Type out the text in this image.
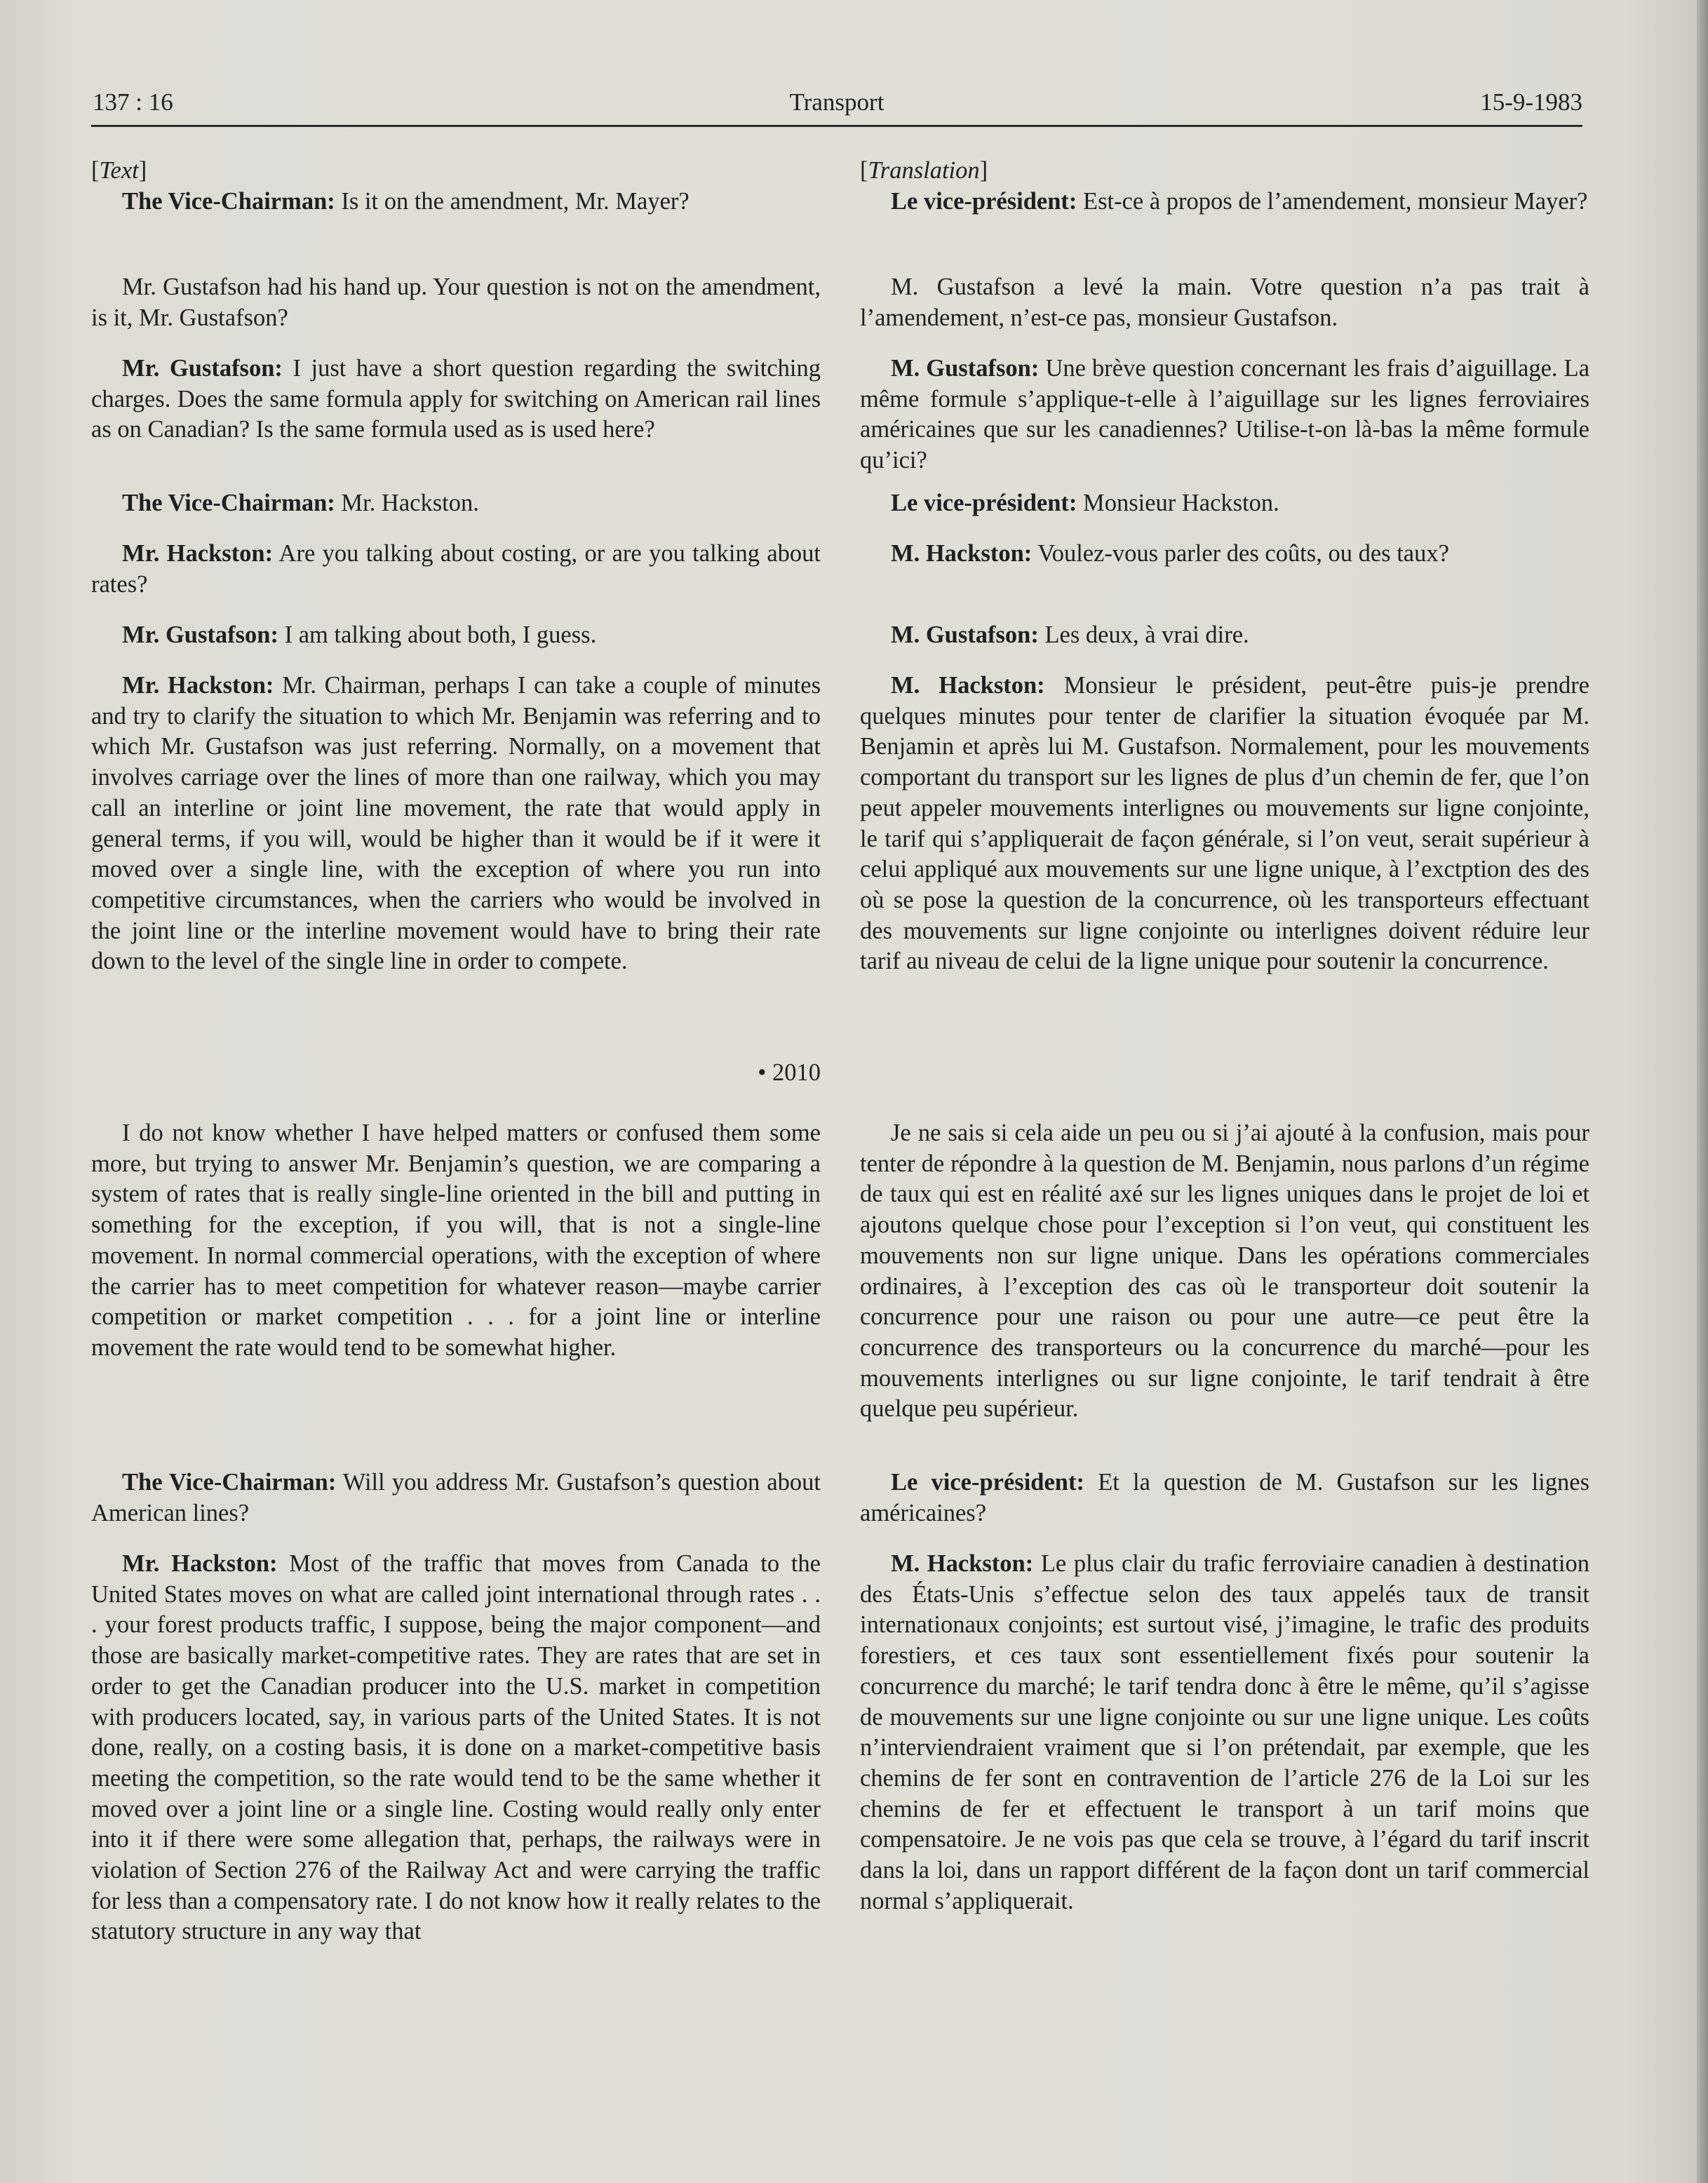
137 : 16	Transport	15-9-1983

[Text]

The Vice-Chairman: Is it on the amendment, Mr. Mayer?

Mr. Gustafson had his hand up. Your question is not on the amendment, is it, Mr. Gustafson?

Mr. Gustafson: I just have a short question regarding the switching charges. Does the same formula apply for switching on American rail lines as on Canadian? Is the same formula used as is used here?

The Vice-Chairman: Mr. Hackston.

Mr. Hackston: Are you talking about costing, or are you talking about rates?

Mr. Gustafson: I am talking about both, I guess.

Mr. Hackston: Mr. Chairman, perhaps I can take a couple of minutes and try to clarify the situation to which Mr. Benjamin was referring and to which Mr. Gustafson was just referring. Normally, on a movement that involves carriage over the lines of more than one railway, which you may call an interline or joint line movement, the rate that would apply in general terms, if you will, would be higher than it would be if it were it moved over a single line, with the exception of where you run into competitive circumstances, when the carriers who would be involved in the joint line or the interline movement would have to bring their rate down to the level of the single line in order to compete.

• 2010

I do not know whether I have helped matters or confused them some more, but trying to answer Mr. Benjamin’s question, we are comparing a system of rates that is really single-line oriented in the bill and putting in something for the exception, if you will, that is not a single-line movement. In normal commercial operations, with the exception of where the carrier has to meet competition for whatever reason—maybe carrier competition or market competition . . . for a joint line or interline movement the rate would tend to be somewhat higher.

The Vice-Chairman: Will you address Mr. Gustafson’s question about American lines?

Mr. Hackston: Most of the traffic that moves from Canada to the United States moves on what are called joint international through rates . . . your forest products traffic, I suppose, being the major component—and those are basically market-competitive rates. They are rates that are set in order to get the Canadian producer into the U.S. market in competition with producers located, say, in various parts of the United States. It is not done, really, on a costing basis, it is done on a market-competitive basis meeting the competition, so the rate would tend to be the same whether it moved over a joint line or a single line. Costing would really only enter into it if there were some allegation that, perhaps, the railways were in violation of Section 276 of the Railway Act and were carrying the traffic for less than a compensatory rate. I do not know how it really relates to the statutory structure in any way that

[Translation]

Le vice-président: Est-ce à propos de l’amendement, monsieur Mayer?

M. Gustafson a levé la main. Votre question n’a pas trait à l’amendement, n’est-ce pas, monsieur Gustafson.

M. Gustafson: Une brève question concernant les frais d’aiguillage. La même formule s’applique-t-elle à l’aiguillage sur les lignes ferroviaires américaines que sur les canadiennes? Utilise-t-on là-bas la même formule qu’ici?

Le vice-président: Monsieur Hackston.

M. Hackston: Voulez-vous parler des coûts, ou des taux?

M. Gustafson: Les deux, à vrai dire.

M. Hackston: Monsieur le président, peut-être puis-je prendre quelques minutes pour tenter de clarifier la situation évoquée par M. Benjamin et après lui M. Gustafson. Normalement, pour les mouvements comportant du transport sur les lignes de plus d’un chemin de fer, que l’on peut appeler mouvements interlignes ou mouvements sur ligne conjointe, le tarif qui s’appliquerait de façon générale, si l’on veut, serait supérieur à celui appliqué aux mouvements sur une ligne unique, à l’exctption des des où se pose la question de la concurrence, où les transporteurs effectuant des mouvements sur ligne conjointe ou interlignes doivent réduire leur tarif au niveau de celui de la ligne unique pour soutenir la concurrence.

Je ne sais si cela aide un peu ou si j’ai ajouté à la confusion, mais pour tenter de répondre à la question de M. Benjamin, nous parlons d’un régime de taux qui est en réalité axé sur les lignes uniques dans le projet de loi et ajoutons quelque chose pour l’exception si l’on veut, qui constituent les mouvements non sur ligne unique. Dans les opérations commerciales ordinaires, à l’exception des cas où le transporteur doit soutenir la concurrence pour une raison ou pour une autre—ce peut être la concurrence des transporteurs ou la concurrence du marché—pour les mouvements interlignes ou sur ligne conjointe, le tarif tendrait à être quelque peu supérieur.

Le vice-président: Et la question de M. Gustafson sur les lignes américaines?

M. Hackston: Le plus clair du trafic ferroviaire canadien à destination des États-Unis s’effectue selon des taux appelés taux de transit internationaux conjoints; est surtout visé, j’imagine, le trafic des produits forestiers, et ces taux sont essentiellement fixés pour soutenir la concurrence du marché; le tarif tendra donc à être le même, qu’il s’agisse de mouvements sur une ligne conjointe ou sur une ligne unique. Les coûts n’interviendraient vraiment que si l’on prétendait, par exemple, que les chemins de fer sont en contravention de l’article 276 de la Loi sur les chemins de fer et effectuent le transport à un tarif moins que compensatoire. Je ne vois pas que cela se trouve, à l’égard du tarif inscrit dans la loi, dans un rapport différent de la façon dont un tarif commercial normal s’appliquerait.
